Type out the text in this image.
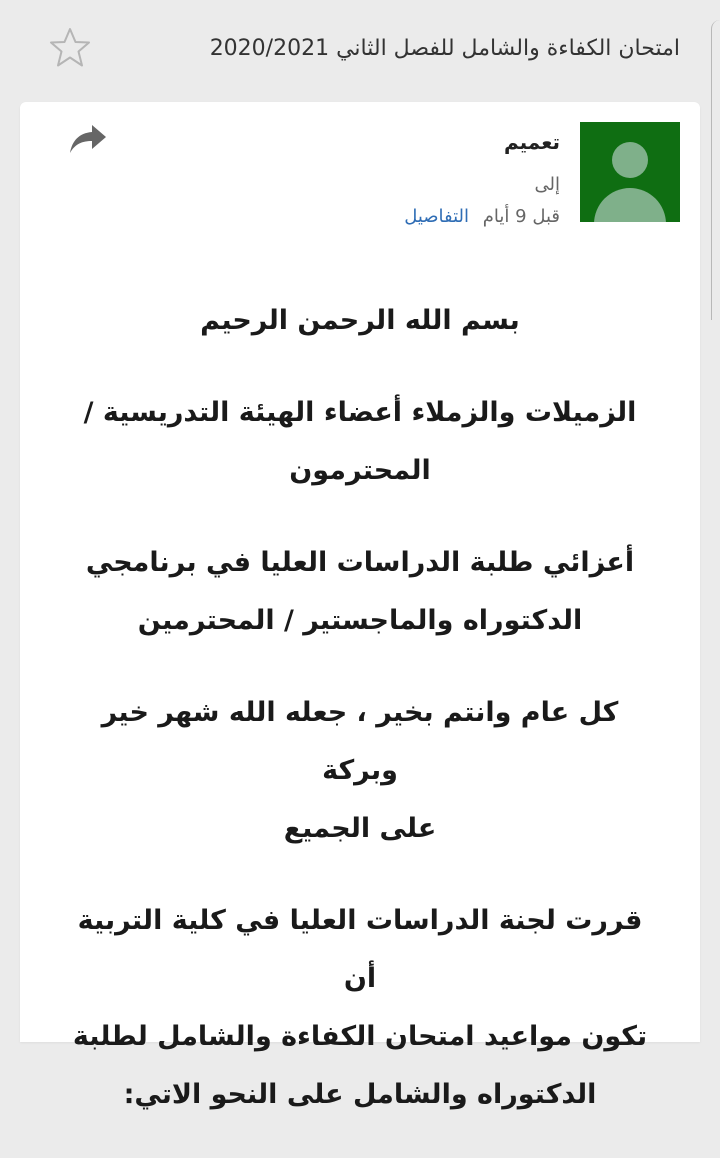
امتحان الكفاءة والشامل للفصل الثاني 2020/2021
تعميم
إلى
قبل 9 أيام التفاصيل
بسم الله الرحمن الرحيم
الزميلات والزملاء أعضاء الهيئة التدريسية /
المحترمون
أعزائي طلبة الدراسات العليا في برنامجي
الدكتوراه والماجستير / المحترمين
كل عام وانتم بخير ، جعله الله شهر خير وبركة
على الجميع
قررت لجنة الدراسات العليا في كلية التربية أن
تكون مواعيد امتحان الكفاءة والشامل لطلبة
الدكتوراه والشامل على النحو الاتي:
